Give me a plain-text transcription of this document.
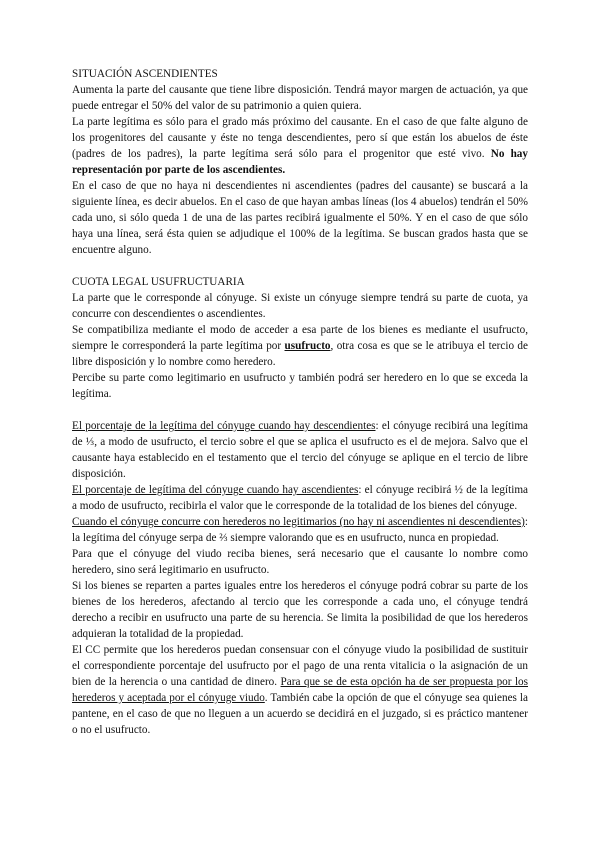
SITUACIÓN ASCENDIENTES

Aumenta la parte del causante que tiene libre disposición. Tendrá mayor margen de actuación, ya que puede entregar el 50% del valor de su patrimonio a quien quiera.

La parte legítima es sólo para el grado más próximo del causante. En el caso de que falte alguno de los progenitores del causante y éste no tenga descendientes, pero sí que están los abuelos de éste (padres de los padres), la parte legítima será sólo para el progenitor que esté vivo. No hay representación por parte de los ascendientes.

En el caso de que no haya ni descendientes ni ascendientes (padres del causante) se buscará a la siguiente línea, es decir abuelos. En el caso de que hayan ambas líneas (los 4 abuelos) tendrán el 50% cada uno, si sólo queda 1 de una de las partes recibirá igualmente el 50%. Y en el caso de que sólo haya una línea, será ésta quien se adjudique el 100% de la legítima. Se buscan grados hasta que se encuentre alguno.

CUOTA LEGAL USUFRUCTUARIA

La parte que le corresponde al cónyuge. Si existe un cónyuge siempre tendrá su parte de cuota, ya concurre con descendientes o ascendientes.

Se compatibiliza mediante el modo de acceder a esa parte de los bienes es mediante el usufructo, siempre le corresponderá la parte legítima por usufructo, otra cosa es que se le atribuya el tercio de libre disposición y lo nombre como heredero.

Percibe su parte como legitimario en usufructo y también podrá ser heredero en lo que se exceda la legítima.

El porcentaje de la legítima del cónyuge cuando hay descendientes: el cónyuge recibirá una legítima de ⅓, a modo de usufructo, el tercio sobre el que se aplica el usufructo es el de mejora. Salvo que el causante haya establecido en el testamento que el tercio del cónyuge se aplique en el tercio de libre disposición.

El porcentaje de legítima del cónyuge cuando hay ascendientes: el cónyuge recibirá ½ de la legítima a modo de usufructo, recibirla el valor que le corresponde de la totalidad de los bienes del cónyuge.

Cuando el cónyuge concurre con herederos no legitimarios (no hay ni ascendientes ni descendientes): la legítima del cónyuge serpa de ⅔ siempre valorando que es en usufructo, nunca en propiedad.

Para que el cónyuge del viudo reciba bienes, será necesario que el causante lo nombre como heredero, sino será legitimario en usufructo.

Si los bienes se reparten a partes iguales entre los herederos el cónyuge podrá cobrar su parte de los bienes de los herederos, afectando al tercio que les corresponde a cada uno, el cónyuge tendrá derecho a recibir en usufructo una parte de su herencia. Se limita la posibilidad de que los herederos adquieran la totalidad de la propiedad.

El CC permite que los herederos puedan consensuar con el cónyuge viudo la posibilidad de sustituir el correspondiente porcentaje del usufructo por el pago de una renta vitalicia o la asignación de un bien de la herencia o una cantidad de dinero. Para que se de esta opción ha de ser propuesta por los herederos y aceptada por el cónyuge viudo. También cabe la opción de que el cónyuge sea quienes la pantene, en el caso de que no lleguen a un acuerdo se decidirá en el juzgado, si es práctico mantener o no el usufructo.
